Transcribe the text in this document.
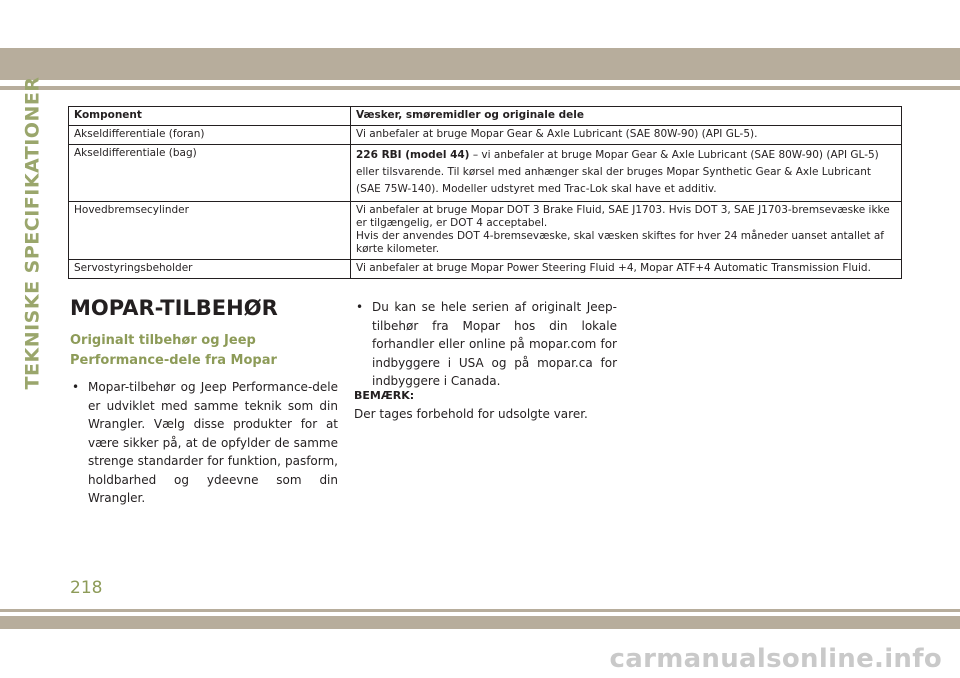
TEKNISKE SPECIFIKATIONER	Komponent	Væsker, smøremidler og originale dele
Akseldifferentiale (foran)	Vi anbefaler at bruge Mopar Gear & Axle Lubricant (SAE 80W-90) (API GL-5).
Akseldifferentiale (bag)	226 RBI (model 44) – vi anbefaler at bruge Mopar Gear & Axle Lubricant (SAE 80W-90) (API GL-5) eller tilsvarende. Til kørsel med anhænger skal der bruges Mopar Synthetic Gear & Axle Lubricant (SAE 75W-140). Modeller udstyret med Trac-Lok skal have et additiv.
Hovedbremsecylinder	Vi anbefaler at bruge Mopar DOT 3 Brake Fluid, SAE J1703. Hvis DOT 3, SAE J1703-bremsevæske ikke er tilgængelig, er DOT 4 acceptabel.
Hvis der anvendes DOT 4-bremsevæske, skal væsken skiftes for hver 24 måneder uanset antallet af kørte kilometer.

Servostyringsbeholder	Vi anbefaler at bruge Mopar Power Steering Fluid +4, Mopar ATF+4 Automatic Transmission Fluid.
MOPAR-TILBEHØR
Originalt tilbehør og Jeep Performance-dele fra Mopar
• Mopar-tilbehør og Jeep Performance-dele er udviklet med samme teknik som din Wrangler. Vælg disse produkter for at være sikker på, at de opfylder de samme strenge standarder for funktion, pasform, holdbarhed og ydeevne som din Wrangler.
• Du kan se hele serien af originalt Jeep-tilbehør fra Mopar hos din lokale forhandler eller online på mopar.com for indbyggere i USA og på mopar.ca for indbyggere i Canada.
BEMÆRK:
Der tages forbehold for udsolgte varer.
218
carmanualsonline.info
